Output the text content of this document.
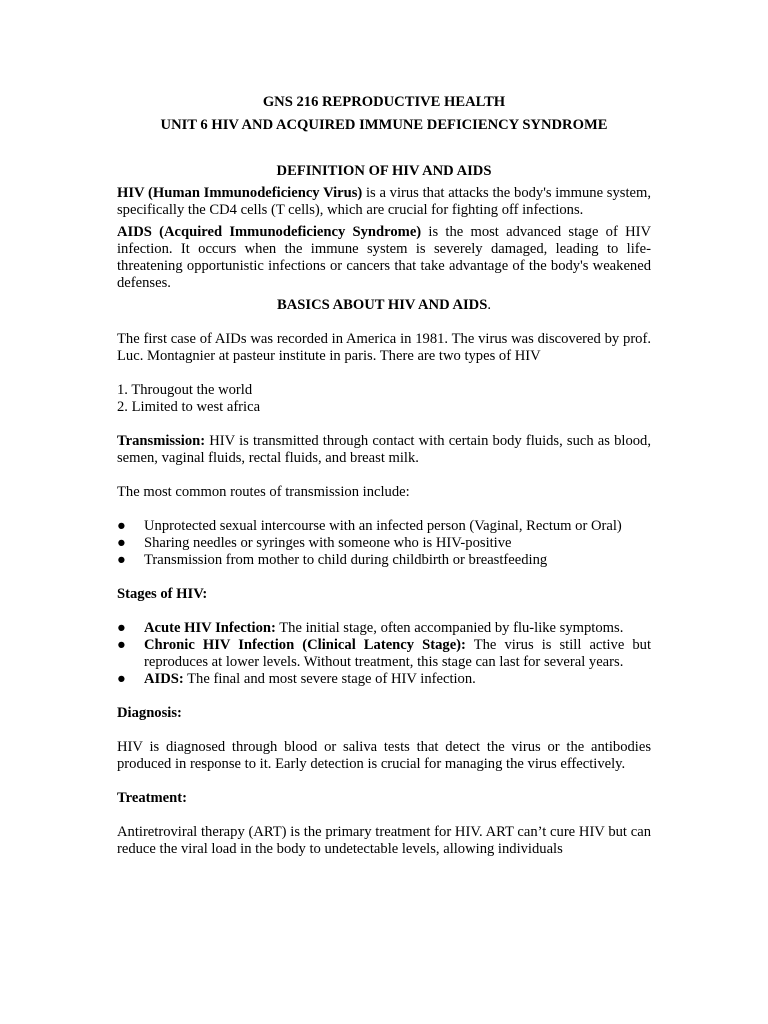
GNS 216 REPRODUCTIVE HEALTH

UNIT 6 HIV AND ACQUIRED IMMUNE DEFICIENCY SYNDROME

DEFINITION OF HIV AND AIDS

HIV (Human Immunodeficiency Virus) is a virus that attacks the body's immune system, specifically the CD4 cells (T cells), which are crucial for fighting off infections.

AIDS (Acquired Immunodeficiency Syndrome) is the most advanced stage of HIV infection. It occurs when the immune system is severely damaged, leading to life-threatening opportunistic infections or cancers that take advantage of the body's weakened defenses.

BASICS ABOUT HIV AND AIDS.

The first case of AIDs was recorded in America in 1981. The virus was discovered by prof. Luc. Montagnier at pasteur institute in paris. There are two types of HIV

1. Througout the world

2. Limited to west africa

Transmission: HIV is transmitted through contact with certain body fluids, such as blood, semen, vaginal fluids, rectal fluids, and breast milk.

The most common routes of transmission include:

● Unprotected sexual intercourse with an infected person (Vaginal, Rectum or Oral)
● Sharing needles or syringes with someone who is HIV-positive
● Transmission from mother to child during childbirth or breastfeeding

Stages of HIV:

● Acute HIV Infection: The initial stage, often accompanied by flu-like symptoms.
● Chronic HIV Infection (Clinical Latency Stage): The virus is still active but reproduces at lower levels. Without treatment, this stage can last for several years.
● AIDS: The final and most severe stage of HIV infection.

Diagnosis:

HIV is diagnosed through blood or saliva tests that detect the virus or the antibodies produced in response to it. Early detection is crucial for managing the virus effectively.

Treatment:

Antiretroviral therapy (ART) is the primary treatment for HIV. ART can’t cure HIV but can reduce the viral load in the body to undetectable levels, allowing individuals
